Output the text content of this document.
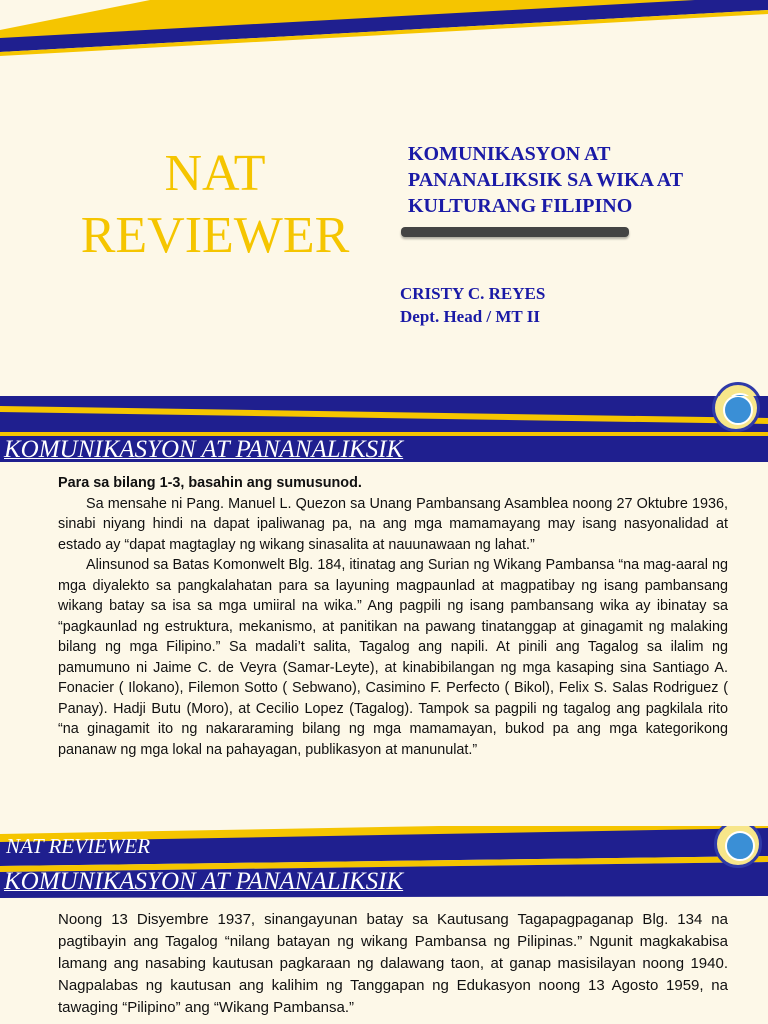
NAT
REVIEWER
KOMUNIKASYON AT
PANANALIKSIK SA WIKA AT
KULTURANG FILIPINO
CRISTY C. REYES
Dept. Head / MT II
KOMUNIKASYON AT PANANALIKSIK

Para sa bilang 1-3, basahin ang sumusunod.

Sa mensahe ni Pang. Manuel L. Quezon sa Unang Pambansang Asamblea noong 27 Oktubre 1936, sinabi niyang hindi na dapat ipaliwanag pa, na ang mga mamamayang may isang nasyonalidad at estado ay “dapat magtaglay ng wikang sinasalita at nauunawaan ng lahat.”

Alinsunod sa Batas Komonwelt Blg. 184, itinatag ang Surian ng Wikang Pambansa “na mag-aaral ng mga diyalekto sa pangkalahatan para sa layuning magpaunlad at magpatibay ng isang pambansang wikang batay sa isa sa mga umiiral na wika.” Ang pagpili ng isang pambansang wika ay ibinatay sa “pagkaunlad ng estruktura, mekanismo, at panitikan na pawang tinatanggap at ginagamit ng malaking bilang ng mga Filipino.” Sa madali’t salita, Tagalog ang napili. At pinili ang Tagalog sa ilalim ng pamumuno ni Jaime C. de Veyra (Samar-Leyte), at kinabibilangan ng mga kasaping sina Santiago A. Fonacier ( Ilokano), Filemon Sotto ( Sebwano), Casimino F. Perfecto ( Bikol), Felix S. Salas Rodriguez ( Panay). Hadji Butu (Moro), at Cecilio Lopez (Tagalog). Tampok sa pagpili ng tagalog ang pagkilala rito “na ginagamit ito ng nakararaming bilang ng mga mamamayan, bukod pa ang mga kategorikong pananaw ng mga lokal na pahayagan, publikasyon at manunulat.”

NAT REVIEWER
KOMUNIKASYON AT PANANALIKSIK

Noong 13 Disyembre 1937, sinangayunan batay sa Kautusang Tagapagpaganap Blg. 134 na pagtibayin ang Tagalog “nilang batayan ng wikang Pambansa ng Pilipinas.” Ngunit magkakabisa lamang ang nasabing kautusan pagkaraan ng dalawang taon, at ganap masisilayan noong 1940. Nagpalabas ng kautusan ang kalihim ng Tanggapan ng Edukasyon noong 13 Agosto 1959, na tawaging “Pilipino” ang “Wikang Pambansa.”
